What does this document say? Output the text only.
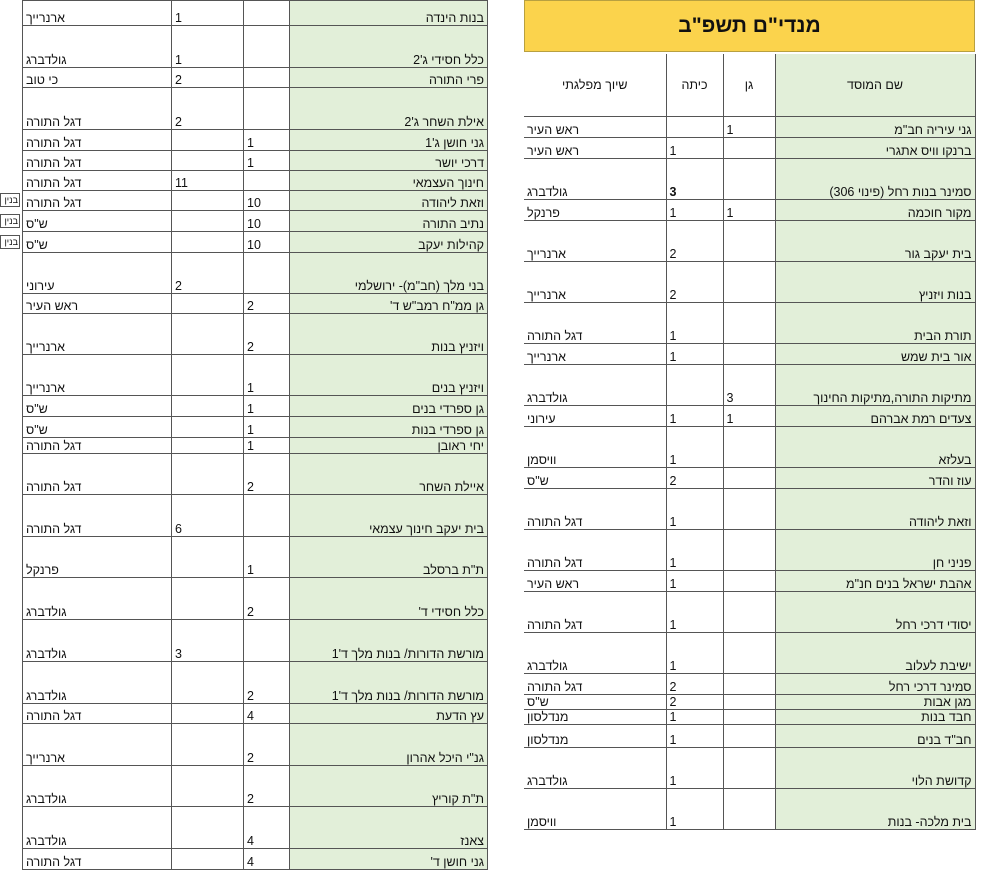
מנדי"ם תשפ"ב
שם המוסד	גן	כיתה	שיוך מפלגתי
גני עיריה חב"מ	1		ראש העיר
ברנקו וויס אתגרי		1	ראש העיר
סמינר בנות רחל (פינוי 306)		3	גולדברג
מקור חוכמה	1	1	פרנקל
בית יעקב גור		2	ארנרייך
בנות ויזניץ		2	ארנרייך
תורת הבית		1	דגל התורה
אור בית שמש		1	ארנרייך
מתיקות התורה,מתיקות החינוך	3		גולדברג
צעדים רמת אברהם	1	1	עירוני
בעלזא		1	וויסמן
עוז והדר		2	ש"ס
וזאת ליהודה		1	דגל התורה
פניני חן		1	דגל התורה
אהבת ישראל בנים חנ"מ		1	ראש העיר
יסודי דרכי רחל		1	דגל התורה
ישיבת לעלוב		1	גולדברג
סמינר דרכי רחל		2	דגל התורה
מגן אבות		2	ש"ס
חבד בנות		1	מנדלסון
חב"ד בנים		1	מנדלסון
קדושת הלוי		1	גולדברג
בית מלכה- בנות		1	וויסמן
בנות הינדה		1	ארנרייך
כלל חסידי ג'2		1	גולדברג
פרי התורה		2	כי טוב
אילת השחר ג'2		2	דגל התורה
גני חושן ג'1	1		דגל התורה
דרכי יושר	1		דגל התורה
חינוך העצמאי		11	דגל התורה
וזאת ליהודה	10		דגל התורה
נתיב התורה	10		ש"ס
קהילות יעקב	10		ש"ס
בני מלך (חב"מ)- ירושלמי		2	עירוני
גן ממ"ח רמב"ש ד'	2		ראש העיר
ויזניץ בנות	2		ארנרייך
ויזניץ בנים	1		ארנרייך
גן ספרדי בנים	1		ש"ס
גן ספרדי בנות	1		ש"ס
יחי ראובן	1		דגל התורה
איילת השחר	2		דגל התורה
בית יעקב חינוך עצמאי		6	דגל התורה
ת"ת ברסלב	1		פרנקל
כלל חסידי ד'	2		גולדברג
מורשת הדורות/ בנות מלך ד'1		3	גולדברג
מורשת הדורות/ בנות מלך ד'1	2		גולדברג
עץ הדעת	4		דגל התורה
גנ"י היכל אהרון	2		ארנרייך
ת"ת קוריץ	2		גולדברג
צאנז	4		גולדברג
גני חושן ד'	4		דגל התורה
בנין
בנין
בנין
